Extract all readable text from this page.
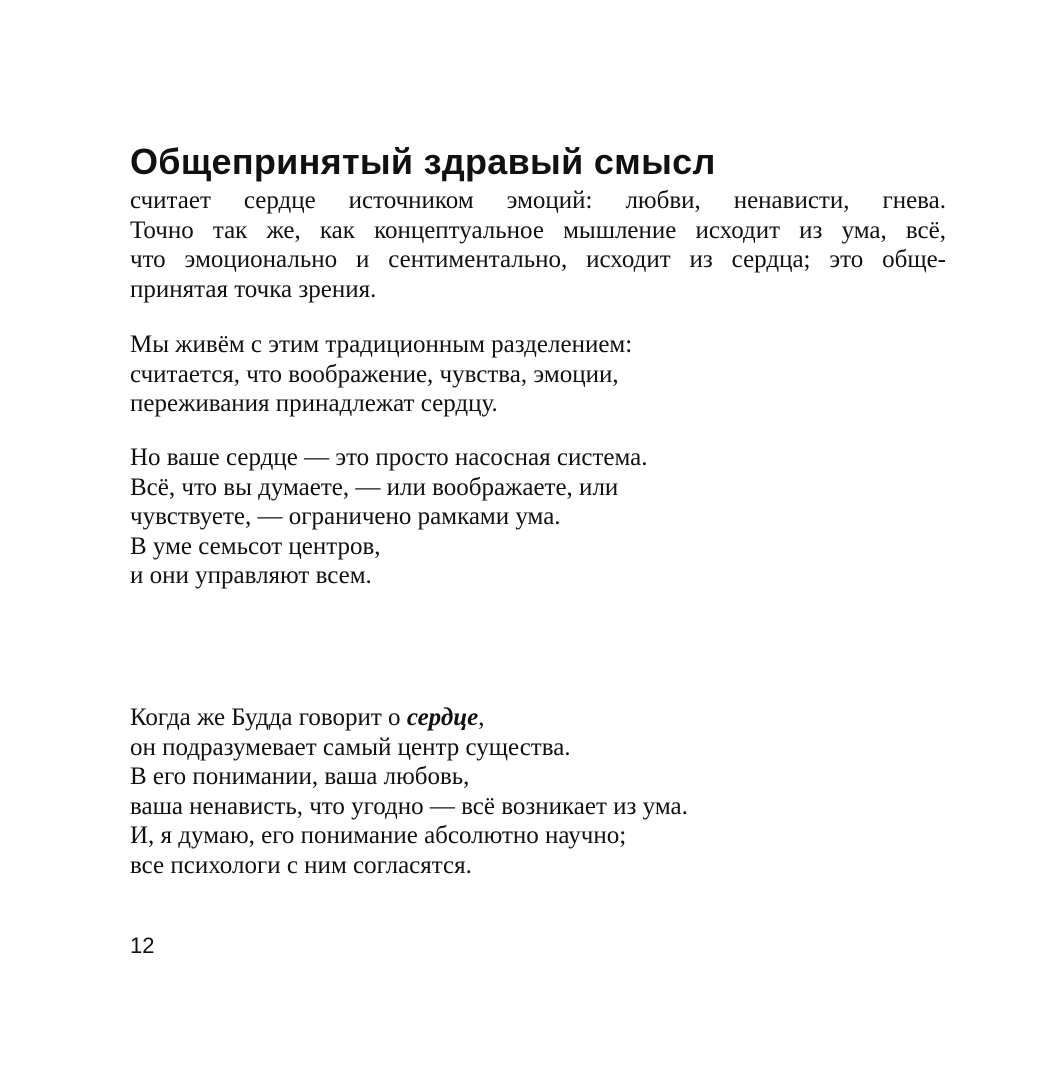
Общепринятый здравый смысл
считает сердце источником эмоций: любви, ненависти, гнева.
Точно так же, как концептуальное мышление исходит из ума, всё,
что эмоционально и сентиментально, исходит из сердца; это обще-
принятая точка зрения.
Мы живём с этим традиционным разделением:
считается, что воображение, чувства, эмоции,
переживания принадлежат сердцу.
Но ваше сердце — это просто насосная система.
Всё, что вы думаете, — или воображаете, или
чувствуете, — ограничено рамками ума.
В уме семьсот центров,
и они управляют всем.
Когда же Будда говорит о сердце,
он подразумевает самый центр существа.
В его понимании, ваша любовь,
ваша ненависть, что угодно — всё возникает из ума.
И, я думаю, его понимание абсолютно научно;
все психологи с ним согласятся.
12
